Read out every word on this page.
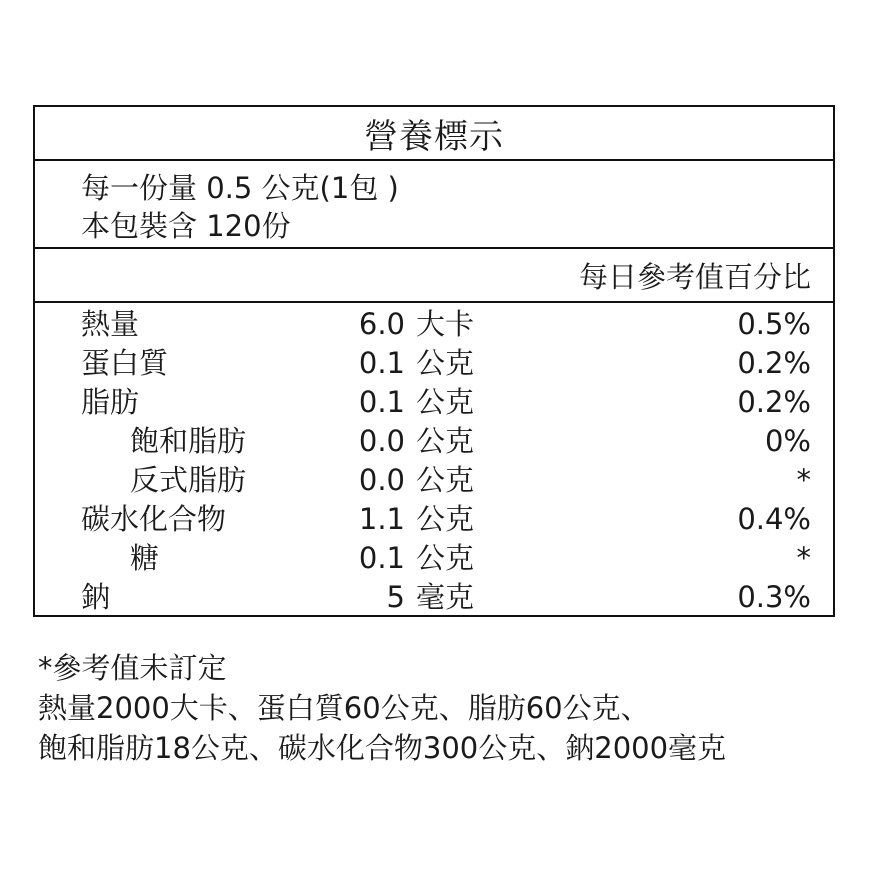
營養標示
每一份量 0.5 公克(1包 )
本包裝含 120份
每日參考值百分比
熱量	6.0 大卡	0.5%
蛋白質	0.1 公克	0.2%
脂肪	0.1 公克	0.2%
飽和脂肪	0.0 公克	0%
反式脂肪	0.0 公克	*
碳水化合物	1.1 公克	0.4%
糖	0.1 公克	*
鈉	5 毫克	0.3%
*參考值未訂定
熱量2000大卡、蛋白質60公克、脂肪60公克、
飽和脂肪18公克、碳水化合物300公克、鈉2000毫克
